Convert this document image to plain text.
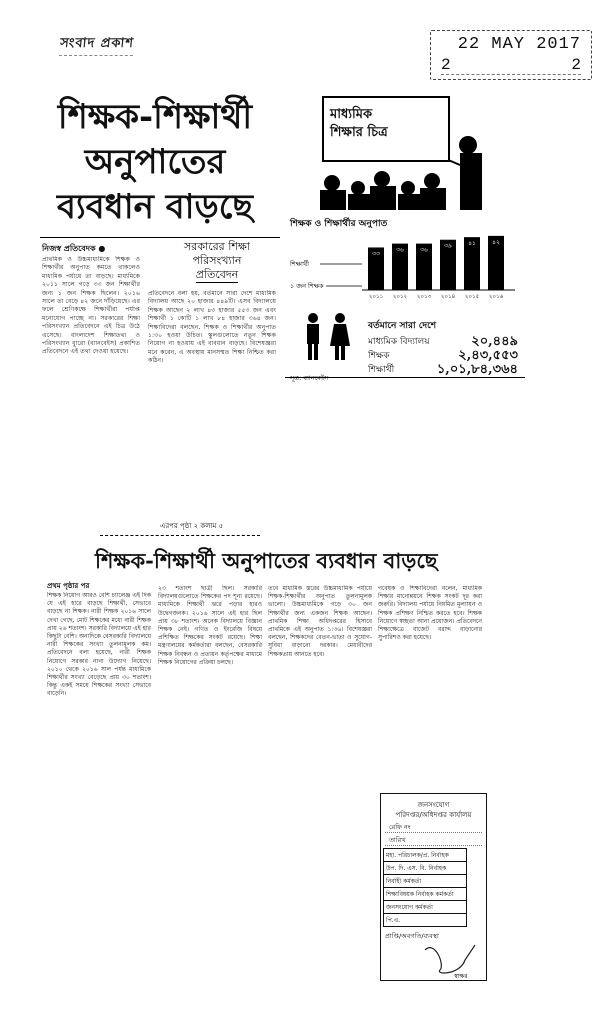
সংবাদ প্রকাশ	22 MAY 2017
2	2
শিক্ষক-শিক্ষার্থী
অনুপাতের
ব্যবধান বাড়ছে
নিজস্ব প্রতিবেদক ●
প্রাথমিক ও উচ্চমাধ্যমিকে শিক্ষক ও শিক্ষার্থীর অনুপাত কমতে থাকলেও মাধ্যমিক পর্যায়ে তা বাড়ছে। মাধ্যমিকে ২০১১ সালে গড়ে ৩৩ জন শিক্ষার্থীর জন্য ১ জন শিক্ষক ছিলেন। ২০১৬ সালে তা বেড়ে ৪২ জনে দাঁড়িয়েছে। এর ফলে শ্রেণিকক্ষে শিক্ষার্থীরা পর্যাপ্ত মনোযোগ পাচ্ছে না। সরকারের শিক্ষা পরিসংখ্যান প্রতিবেদনে এই চিত্র উঠে এসেছে। বাংলাদেশ শিক্ষাতথ্য ও পরিসংখ্যান ব্যুরো (ব্যানবেইস) প্রকাশিত প্রতিবেদনে এই তথ্য দেওয়া হয়েছে।
সরকারের শিক্ষা
পরিসংখ্যান
প্রতিবেদন
প্রতিবেদনে বলা হয়, বর্তমানে সারা দেশে মাধ্যমিক বিদ্যালয় আছে ২০ হাজার ৪৪৯টি। এসব বিদ্যালয়ে শিক্ষক আছেন ২ লাখ ৪৩ হাজার ৫৫৩ জন এবং শিক্ষার্থী ১ কোটি ১ লাখ ৮৪ হাজার ৩৬৪ জন। শিক্ষাবিদেরা বলছেন, শিক্ষক ও শিক্ষার্থীর অনুপাত ১:৩০ হওয়া উচিত। স্কুলগুলোতে নতুন শিক্ষক নিয়োগ না হওয়ায় এই ব্যবধান বাড়ছে। বিশেষজ্ঞরা মনে করেন, এ অবস্থায় মানসম্মত শিক্ষা নিশ্চিত করা কঠিন।
এরপর পৃষ্ঠা ২ কলাম ৫
মাধ্যমিক
শিক্ষার চিত্র
শিক্ষক ও শিক্ষার্থীর অনুপাত
শিক্ষার্থী
১ জন শিক্ষক
৩৩
২০১১
৩৬
২০১২
৩৬
২০১৩
৩৯
২০১৪
৪১
২০১৫
৪২
২০১৬
বর্তমানে সারা দেশে
মাধ্যমিক বিদ্যালয়	২০,৪৪৯
শিক্ষক	২,৪৩,৫৫৩
শিক্ষার্থী	১,০১,৮৪,৩৬৪
সূত্র: ব্যানবেইস
শিক্ষক-শিক্ষার্থী অনুপাতের ব্যবধান বাড়ছে
প্রথম পৃষ্ঠার পর
শিক্ষক নিয়োগ আরও বেশি চ্যালেঞ্জ এই দিক যে এই হারে বাড়ছে শিক্ষার্থী, সেভাবে বাড়ছে না শিক্ষক। নারী শিক্ষক ২০১৬ সালে দেখা গেছে, মোট শিক্ষকের মধ্যে নারী শিক্ষক প্রায় ২৬ শতাংশ। সরকারি বিদ্যালয়ে এই হার কিছুটা বেশি। অন্যদিকে বেসরকারি বিদ্যালয়ে নারী শিক্ষকের সংখ্যা তুলনামূলক কম। প্রতিবেদনে বলা হয়েছে, নারী শিক্ষক নিয়োগে সরকার নানা উদ্যোগ নিয়েছে। ২০১০ থেকে ২০১৬ সাল পর্যন্ত মাধ্যমিকে শিক্ষার্থীর সংখ্যা বেড়েছে প্রায় ৩০ শতাংশ। কিন্তু একই সময়ে শিক্ষকের সংখ্যা সেভাবে বাড়েনি।
২৩ শতাংশ ছাত্রী ছিল। সরকারি বিদ্যালয়গুলোতে শিক্ষকের পদ শূন্য রয়েছে। মাধ্যমিকে শিক্ষার্থী ঝরে পড়ার হারও উদ্বেগজনক। ২০১৬ সালে এই হার ছিল প্রায় ৩৮ শতাংশ। অনেক বিদ্যালয়ে বিজ্ঞান শিক্ষক নেই। গণিত ও ইংরেজি বিষয়ে প্রশিক্ষিত শিক্ষকের সংকট রয়েছে। শিক্ষা মন্ত্রণালয়ের কর্মকর্তারা বলছেন, বেসরকারি শিক্ষক নিবন্ধন ও প্রত্যয়ন কর্তৃপক্ষের মাধ্যমে শিক্ষক নিয়োগের প্রক্রিয়া চলছে।
তবে মাধ্যমিক স্তরের উচ্চমাধ্যমিক পর্যায়ে শিক্ষক-শিক্ষার্থীর অনুপাত তুলনামূলক ভালো। উচ্চমাধ্যমিকে গড়ে ৩০ জন শিক্ষার্থীর জন্য একজন শিক্ষক আছেন। প্রাথমিক শিক্ষা অধিদপ্তরের হিসাবে প্রাথমিকে এই অনুপাত ১:৩৬। বিশেষজ্ঞরা বলছেন, শিক্ষকদের বেতন-ভাতা ও সুযোগ-সুবিধা বাড়ানো দরকার। মেধাবীদের শিক্ষকতায় আনতে হবে।
গবেষক ও শিক্ষাবিদেরা বলেন, মাধ্যমিক শিক্ষার মানোন্নয়নে শিক্ষক সংকট দূর করা জরুরি। বিদ্যালয় পর্যায়ে নিয়মিত মূল্যায়ন ও শিক্ষক প্রশিক্ষণ নিশ্চিত করতে হবে। শিক্ষক নিয়োগে স্বচ্ছতা আনা প্রয়োজন। প্রতিবেদনে শিক্ষাক্ষেত্রে বাজেট বরাদ্দ বাড়ানোর সুপারিশও করা হয়েছে।
জনসংযোগ
পরিদপ্তর/অধিদপ্তর কার্যালয়
রেফি নং
তারিখ
মহা. পরিচালক/প্র. নির্বাহক
উপ. দি. এস. বি. নির্বাহক
নির্বাহী কর্মকর্তা
শিক্ষাবিষয়ক নির্বাহক কর্মকর্তা
জনসংযোগ কর্মকর্তা
পি.এ.
প্রাপ্তি/অবগতি/ব্যবস্থা
স্বাক্ষর
